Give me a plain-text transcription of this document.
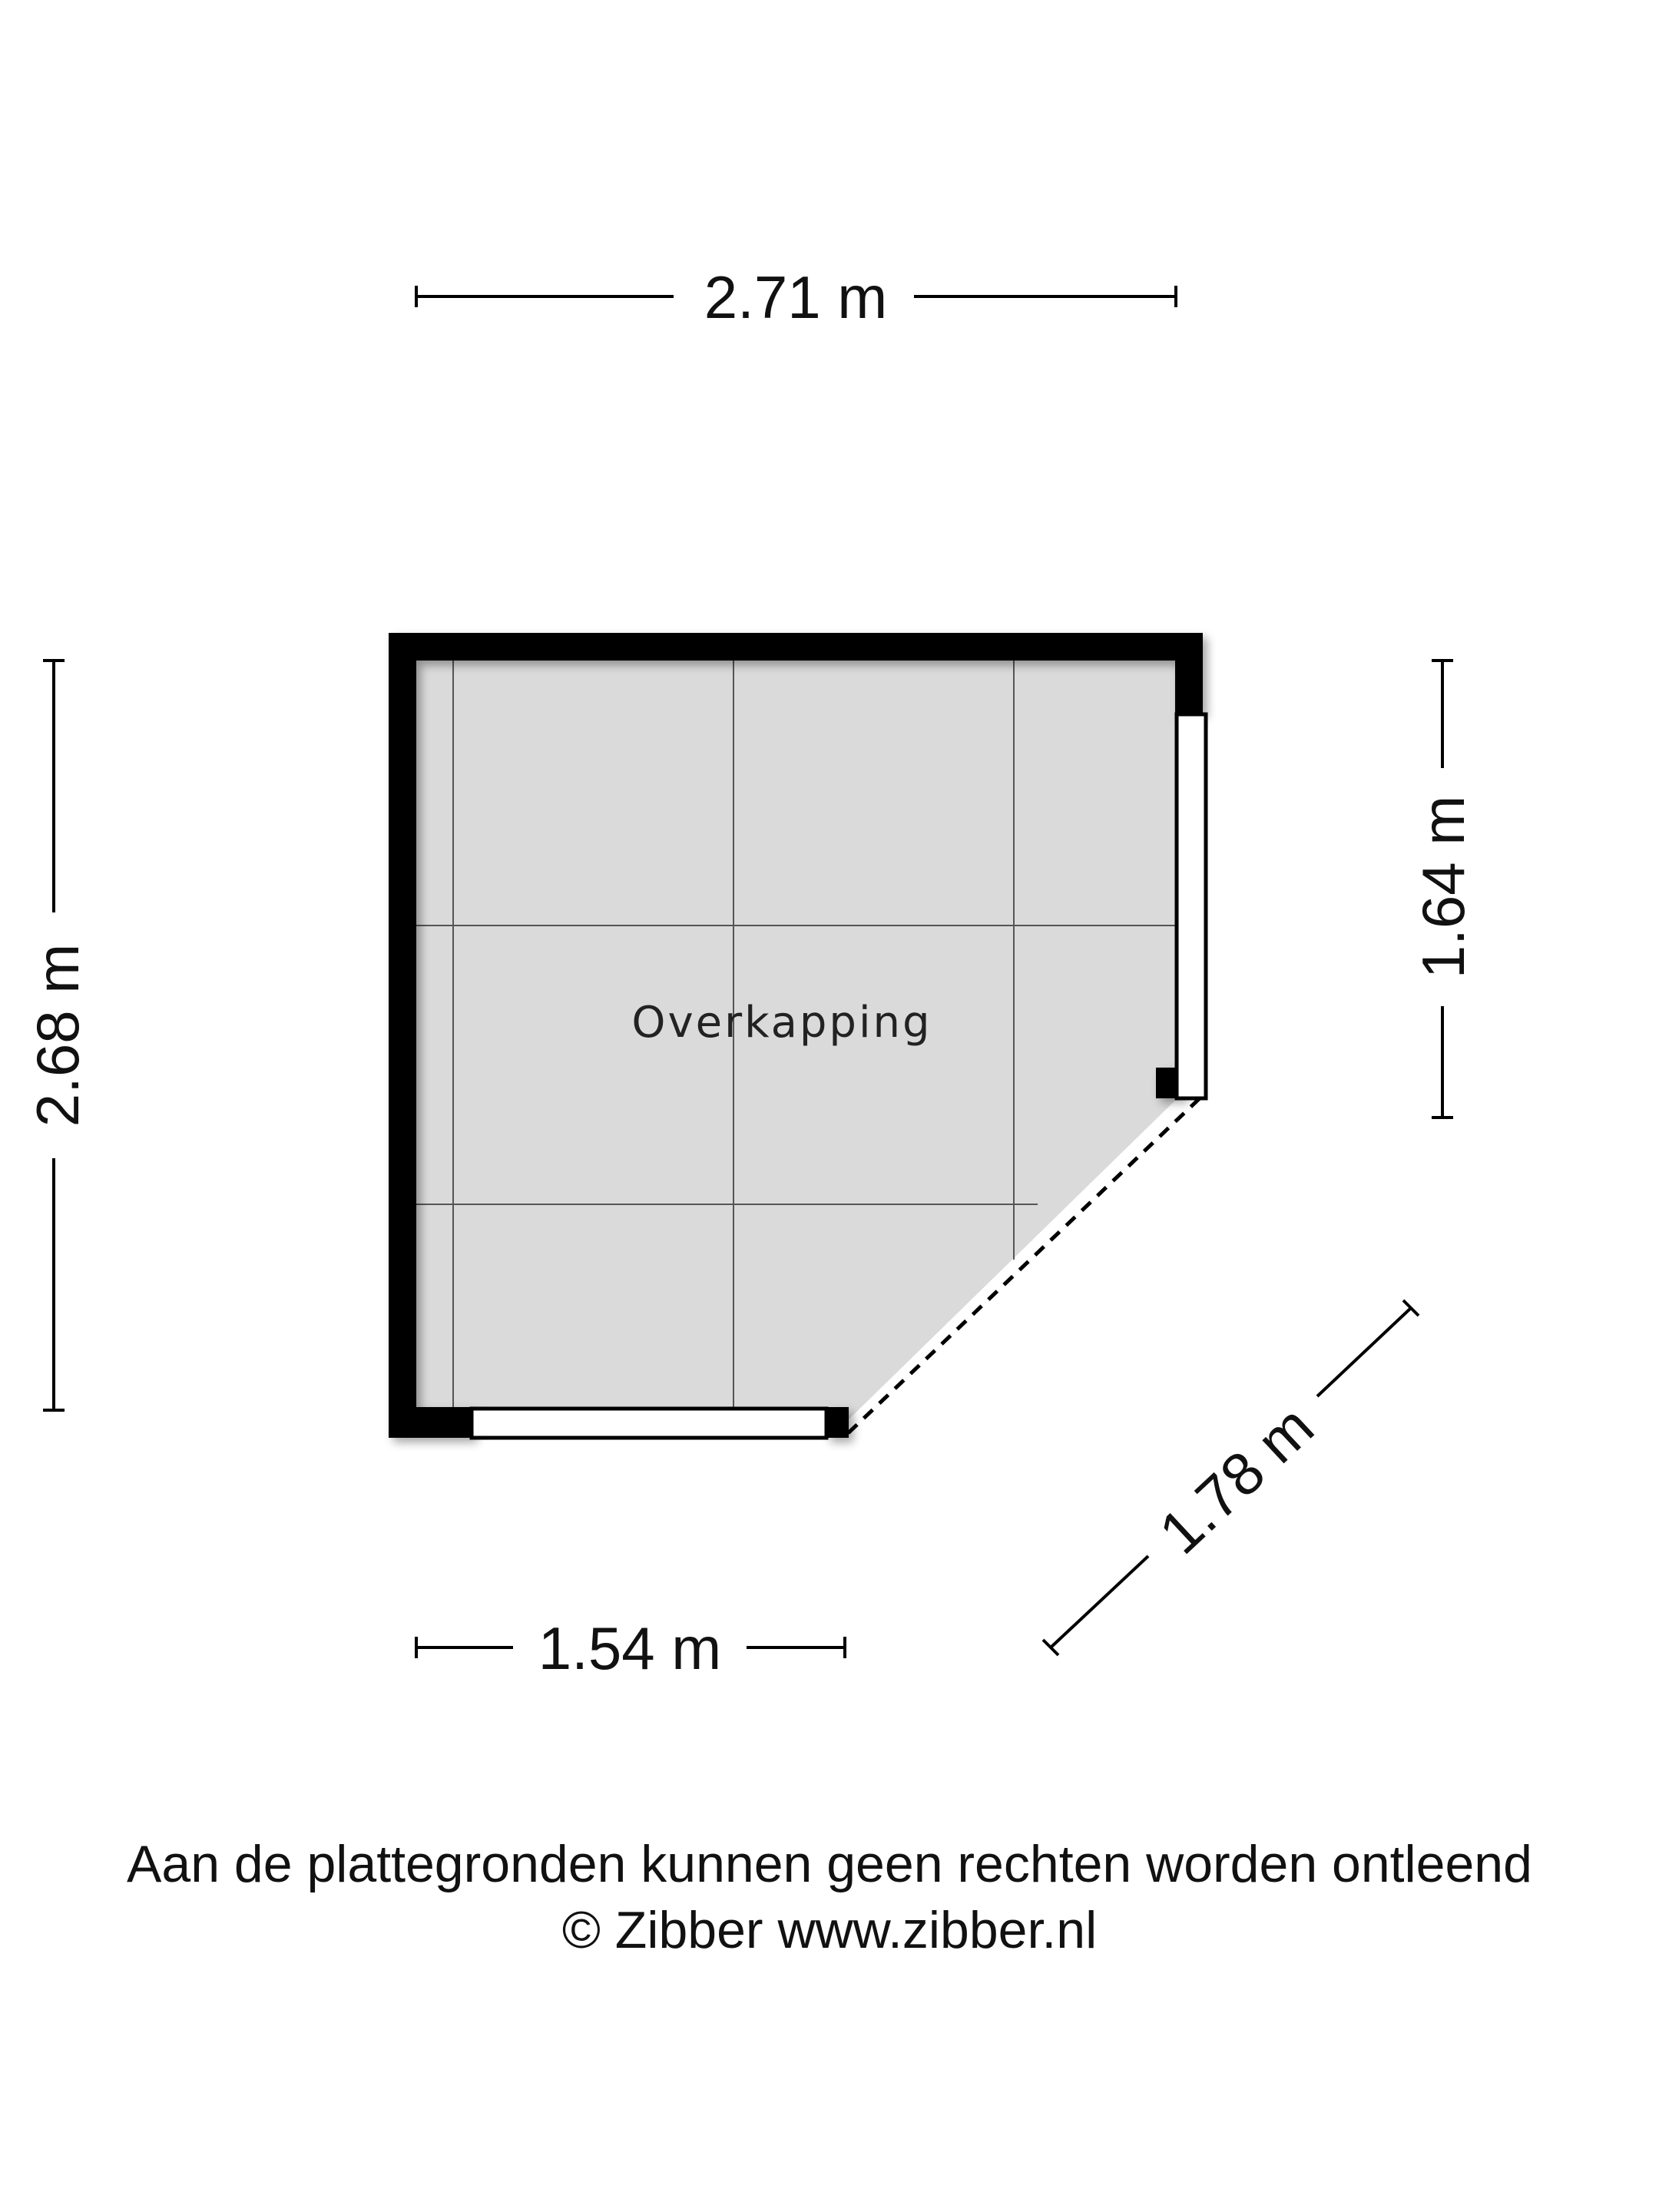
Overkapping
2.71 m
2.68 m
1.64 m
1.54 m
1.78 m
Aan de plattegronden kunnen geen rechten worden ontleend
© Zibber www.zibber.nl
